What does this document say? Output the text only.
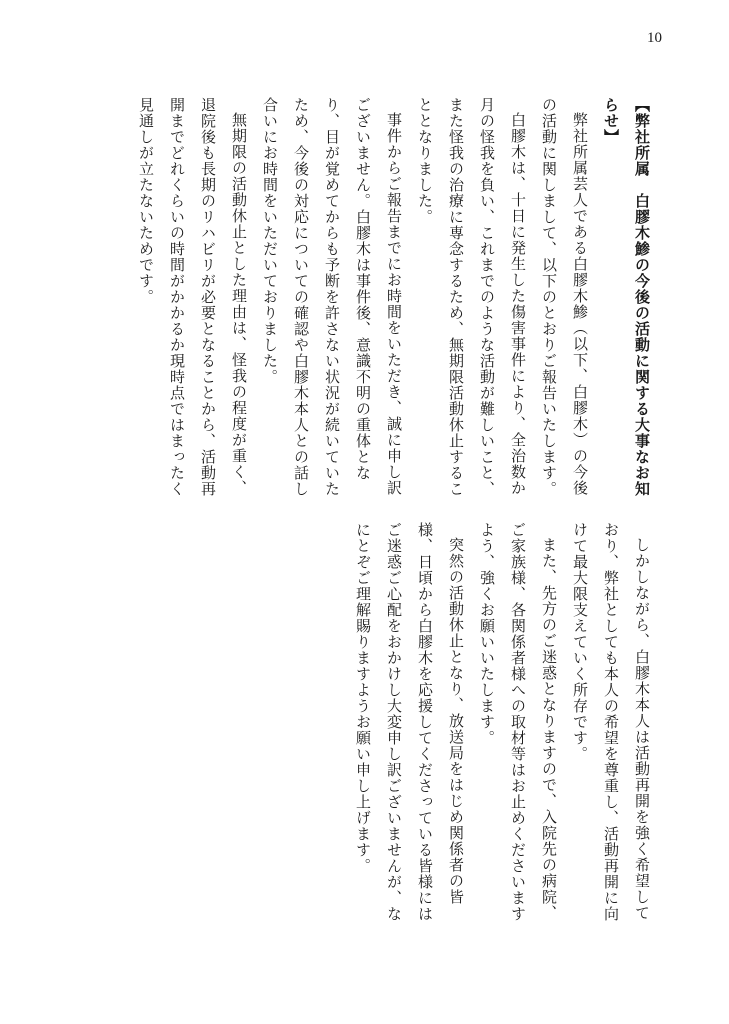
10

【弊社所属　白膠木鯵の今後の活動に関する大事なお知らせ】

弊社所属芸人である白膠木鯵（以下、白膠木）の今後の活動に関しまして、以下のとおりご報告いたします。

白膠木は、十日に発生した傷害事件により、全治数か月の怪我を負い、これまでのような活動が難しいこと、また怪我の治療に専念するため、無期限活動休止することとなりました。

事件からご報告までにお時間をいただき、誠に申し訳ございません。白膠木は事件後、意識不明の重体となり、目が覚めてからも予断を許さない状況が続いていたため、今後の対応についての確認や白膠木本人との話し合いにお時間をいただいておりました。

無期限の活動休止とした理由は、怪我の程度が重く、退院後も長期のリハビリが必要となることから、活動再開までどれくらいの時間がかかるか現時点ではまったく見通しが立たないためです。

しかしながら、白膠木本人は活動再開を強く希望しており、弊社としても本人の希望を尊重し、活動再開に向けて最大限支えていく所存です。

また、先方のご迷惑となりますので、入院先の病院、ご家族様、各関係者様への取材等はお止めくださいますよう、強くお願いいたします。

突然の活動休止となり、放送局をはじめ関係者の皆様、日頃から白膠木を応援してくださっている皆様にはご迷惑ご心配をおかけし大変申し訳ございませんが、なにとぞご理解賜りますようお願い申し上げます。
